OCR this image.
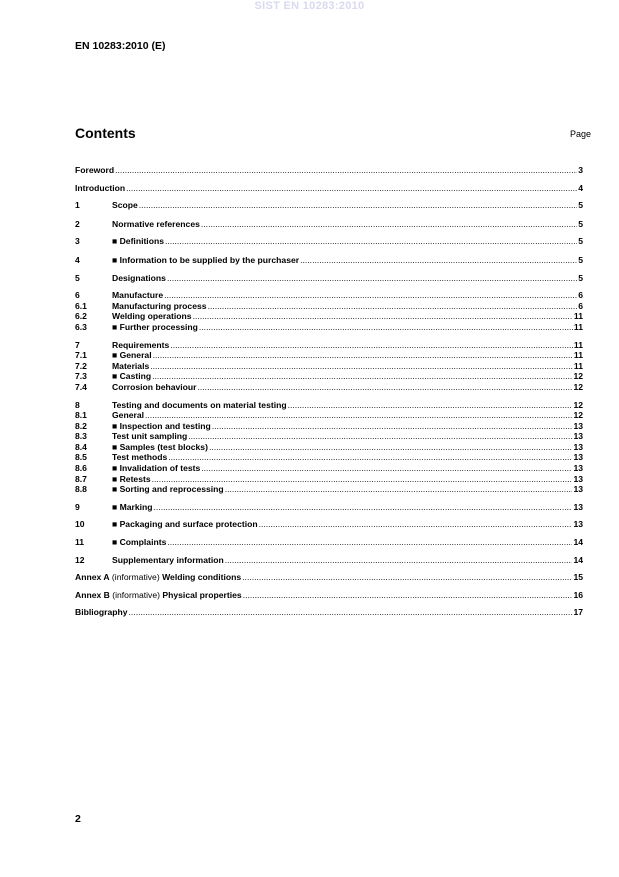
SIST EN 10283:2010
EN 10283:2010 (E)
Contents	Page
Foreword .....	3
Introduction .....	4
1	Scope .....	5
2	Normative references .....	5
3	■ Definitions .....	5
4	■ Information to be supplied by the purchaser .....	5
5	Designations .....	5
6	Manufacture .....	6
6.1	Manufacturing process .....	6
6.2	Welding operations .....	11
6.3	■ Further processing .....	11
7	Requirements .....	11
7.1	■ General .....	11
7.2	Materials .....	11
7.3	■ Casting .....	12
7.4	Corrosion behaviour .....	12
8	Testing and documents on material testing .....	12
8.1	General .....	12
8.2	■ Inspection and testing .....	13
8.3	Test unit sampling .....	13
8.4	■ Samples (test blocks) .....	13
8.5	Test methods .....	13
8.6	■ Invalidation of tests .....	13
8.7	■ Retests .....	13
8.8	■ Sorting and reprocessing .....	13
9	■ Marking .....	13
10	■ Packaging and surface protection .....	13
11	■ Complaints .....	14
12	Supplementary information .....	14
Annex A (informative) Welding conditions .....	15
Annex B (informative) Physical properties .....	16
Bibliography .....	17
2
